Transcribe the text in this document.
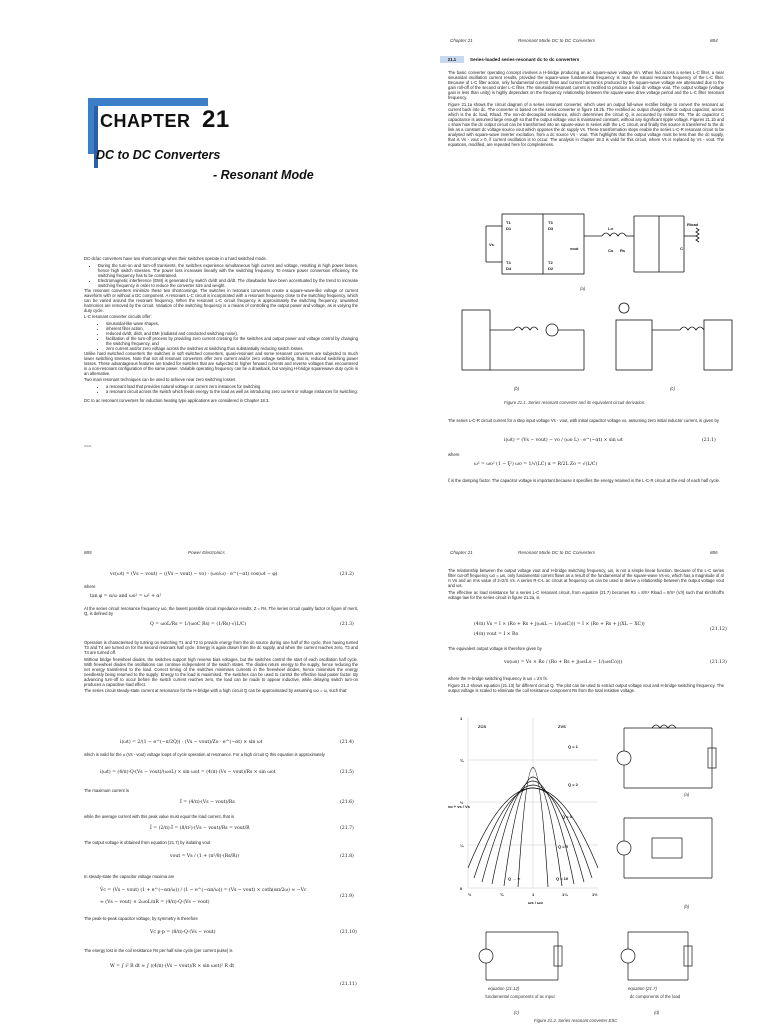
CHAPTER 21
DC to DC Converters
- Resonant Mode

DC-dc/ac converters have two shortcomings when their switches operate in a hard switched mode.

• During the turn-on and turn-off transients, the switches experience simultaneous high current and voltage, resulting in high power losses, hence high switch stresses. The power loss increases linearly with the switching frequency. To ensure power conversion efficiency, the switching frequency has to be constrained.
• Electromagnetic interference (EMI) is generated by switch dv/dt and di/dt. The drawbacks have been accentuated by the trend to increase switching frequency in order to reduce the converter size and weight.

The resonant converters minimize these two shortcomings. The switches in resonant converters create a square-wave-like voltage or current waveform with or without a DC component. A resonant L-C circuit is incorporated with a resonant frequency close to the switching frequency, which can be varied around the resonant frequency. When the resonant L-C circuit frequency is approximately the switching frequency, unwanted harmonics are removed by the circuit. Variation of the switching frequency is a means of controlling the output power and voltage, as is varying the duty cycle.

L-C resonant converter circuits offer:

• sinusoidal-like wave shapes,
• inherent filter action,
• reduced dv/dt, di/dt, and EMI (radiated and conducted switching noise),
• facilitation of the turn-off process by providing zero current crossing for the switches and output power and voltage control by changing the switching frequency, and
• zero current and/or zero voltage across the switches at switching thus substantially reducing switch losses.

Unlike hard switched converters the switches in soft switched converters, quasi-resonant and some resonant converters are subjected to much lower switching stresses. Note that not all resonant converters offer zero current and/or zero voltage switching, that is, reduced switching power losses. These advantageous features are traded for switches that are subjected to higher forward currents and reverse voltages than encountered in a non-resonant configuration of the same power. Variable operating frequency can be a drawback, but varying H-bridge squarewave duty cycle is an alternative.

Two main resonant techniques can be used to achieve near zero switching losses

• a resonant load that provides natural voltage or current zero instances for switching
• a resonant circuit across the switch which feeds energy to the load as well as introducing zero current or voltage instances for switching.

DC to ac resonant converters for induction heating type applications are considered in Chapter 18.3.

===

Chapter 21	Resonant Mode DC to DC Converters	884
21.1	Series-loaded series-resonant dc to dc converters

The basic converter operating concept involves a H-bridge producing an ac square-wave voltage Vin. When fed across a series L-C filter, a near sinusoidal oscillation current results, provided the square-wave fundamental frequency is near the natural resonant frequency of the L-C filter. Because of L-C filter action, only fundamental current flows and current harmonics produced by the square-wave voltage are attenuated due to the gain roll-off of the second order L-C filter. The sinusoidal resonant current is rectified to produce a load dc voltage vout. The output voltage (voltage gain is less than unity) is highly dependant on the frequency relationship between the square-wave drive voltage period and the L-C filter resonant frequency.

Figure 21.1a shows the circuit diagram of a series resonant converter, which uses an output full-wave rectifier bridge to convert the resonant ac current back into dc. The converter is based on the series converter in figure 18.2b. The rectified ac output charges the dc output capacitor, across which is the dc load, Rload. The non-dc-decoupled resistance, which determines the circuit Q, is accounted by resistor Rs. The dc capacitor C capacitance is assumed large enough so that the output voltage vout is maintained constant, without any significant ripple voltage. Figures 21.1b and c show how the dc output circuit can be transformed into an square-wave in series with the L-C circuit, and finally this source is transferred to the dc link as a constant dc voltage source vout which opposes the dc supply Vs. These transformation steps enable the series L-C-R resonant circuit to be analysed with square-wave inverter excitation, from a dc source Vs - vout. This highlights that the output voltage must be less than the dc supply, that is Vs - vout ≥ 0, if current oscillation is to occur. The analysis in chapter 18.3 is valid for this circuit, where Vs is replaced by Vs - vout. The equations, modified, are repeated here for completeness.

T1
D1
T3
D3
T4
D4
T2
D2
Vs
Lo
Co Rs	C
Rload
vout
(a)
(b)	(c)
Figure 21.1. Series resonant converter and its equivalent circuit derivation.

The series L-C-R circuit current for a step input voltage Vs - vout, with initial capacitor voltage vo, assuming zero initial inductor current, is given by

i(ωt) = (Vs − vout) − vo / (ωo L) · e^(−αt) × sin ωt	(21.1)
where
ω² = ωo² (1 − ξ²) ωo = 1/√(LC) α = R/2L Zo = √(L/C)
ξ is the damping factor. The capacitor voltage is important because it specifies the energy retained in the L-C-R circuit at the end of each half cycle.
885	Power Electronics
vc(ωt) = (Vs − vout) − ((Vs − vout) − vo) · (ωo/ω) · e^(−αt) cos(ωt − φ)	(21.2)
where
tan φ = α/ω and ωo² = ω² + α²

At the series circuit resonance frequency ωo, the lowest possible circuit impedance results, Z = Rs. The series circuit quality factor or figure of merit, Q, is defined by

Q = ωoL/Rs = 1/(ωoC Rs) = (1/Rs)·√(L/C)	(21.3)

Operation is characterised by turning on switching T1 and T2 to provide energy from the dc source during one half of the cycle, then having turned T3 and T4 are turned on for the second resonant half cycle. Energy is again drawn from the dc supply, and when the current reaches zero, T3 and T4 are turned off.

Without bridge freewheel diodes, the switches support high reverse bias voltages, but the switches control the start of each oscillation half cycle. With freewheel diodes the oscillations can continue independent of the switch states. The diodes return energy to the supply, hence reducing the net energy transferred to the load. Correct timing of the switches minimises currents in the freewheel diodes, hence minimises the energy needlessly being returned to the supply. Energy to the load is maximised. The switches can be used to control the effective load power factor. By advancing turn-off to occur before the switch current reaches zero, the load can be made to appear inductive, while delaying switch turn-on produces a capacitive load effect.

The series circuit steady-state current at resonance for the H-bridge with a high circuit Q can be approximated by assuming ωo = ω, such that:

i(ωt) = 2/(1 − e^(−π/2Q)) · (Vs − vout)/Zo · e^(−αt) × sin ωt	(21.4)
which is valid for the ± (Vs - vout) voltage loops of cycle operation at resonance. For a high circuit Q this equation is approximately
i(ωt) = (4/π)·Q·(Vs − vout)/(ωoL) × sin ωot = (4/π)·(Vs − vout)/Rs × sin ωot	(21.5)
The maximum current is
Î = (4/π)·(Vs − vout)/Rs	(21.6)
while the average current with this peak value must equal the load current, that is
Ī = (2/π)·Î = (8/π²)·(Vs − vout)/Rs = vout/R	(21.7)
The output voltage is obtained from equation (21.7) by isolating vout
vout = Vs / (1 + (π²/8)·(Rs/R))	(21.8)
In steady-state the capacitor voltage maxima are
V̂c = (Vs − vout) (1 + e^(−απ/ω)) / (1 − e^(−απ/ω)) = (Vs − vout) × coth(απ/2ω) ≈ −Vc
≈ (Vs − vout) × 2ωoL/πR = (4/π)·Q·(Vs − vout)
(21.9)
The peak-to-peak capacitor voltage, by symmetry is therefore
Vc p-p = (8/π)·Q·(Vs − vout)	(21.10)
The energy lost in the coil resistance Rs per half sine cycle (per current pulse) is
W = ∫ i² R dt ≈ ∫ ((4/π)·(Vs − vout)/R × sin ωot)² R dt
(21.11)
Chapter 21	Resonant Mode DC to DC Converters	886

The relationship between the output voltage vout and H-bridge switching frequency, ωs, is not a simple linear function. Because of the L-C series filter cut-off frequency ωo = ωs, only fundamental current flows as a result of the fundamental of the square-wave Vs-vo, which has a magnitude of 4/π Vs and an rms value of 2√2/π Vs. A series R-C-L ac circuit at frequency ωs can be used to derive a relationship between the output voltage vout and ωs.

The effective ac load resistance for a series L-C resonant circuit, from equation (21.7) becomes Ro = 8/π² Rload = 8/π² (V/I) such that Kirchhoff's voltage law for the series circuit in figure 21.2a, is

(4/π) Vs = I × (Ro + Rs + j(ωsL − 1/(ωsC))) = I × (Ro + Rs + j(XL − XC))
(4/π) vout = I × Ro
(21.12)
The equivalent output voltage is therefore given by
vo(ωs) = Vs × Ro / (Ro + Rs + j(ωsLo − 1/(ωsCo)))	(21.13)

where the H-bridge switching frequency is ωs = 2π fs.

Figure 21.2 shows equation (21.13) for different circuit Q. The plot can be used to extract output voltage vout and H-bridge switching frequency. The output voltage is scaled to eliminate the coil resistance component Rs from the total resistive voltage.

ZCS	ZVS
Q = 1
Q = 2
Q = 3
Q = 5
Q = 10
Q → ∞
vo + vs / Vs
½	¾	1	1¼	1½
ωs / ωo
1
¾
½
¼
0
(a)
(b)
equation (21.12)	equation (21.7)
fundamental components of ac input	dc components of the load
(c)	(d)
Figure 21.2. Series resonant converter ESC
